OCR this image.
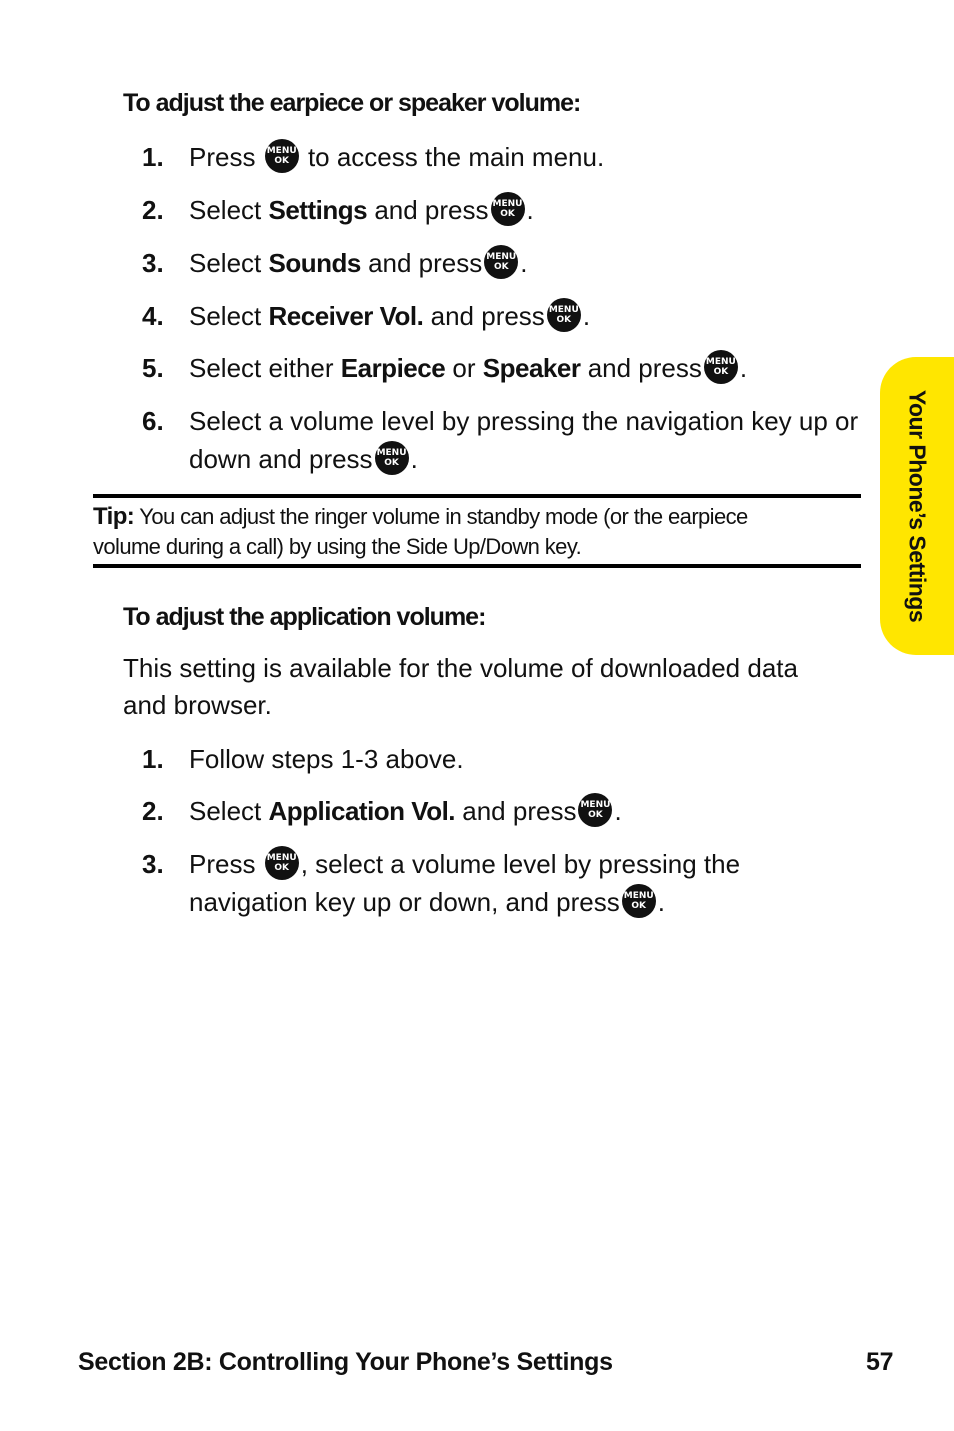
Your Phone’s Settings
To adjust the earpiece or speaker volume:
1. Press MENU
OK to access the main menu.
2. Select Settings and press MENU
OK .
3. Select Sounds and press MENU
OK .
4. Select Receiver Vol. and press MENU
OK .
5. Select either Earpiece or Speaker and press MENU
OK .
6. Select a volume level by pressing the navigation key up or
down and press MENU
OK .
Tip: You can adjust the ringer volume in standby mode (or the earpiece
volume during a call) by using the Side Up/Down key.
To adjust the application volume:
This setting is available for the volume of downloaded data
and browser.
1. Follow steps 1-3 above.
2. Select Application Vol. and press MENU
OK .
3. Press MENU
OK , select a volume level by pressing the
navigation key up or down, and press MENU
OK .
Section 2B: Controlling Your Phone’s Settings	57
